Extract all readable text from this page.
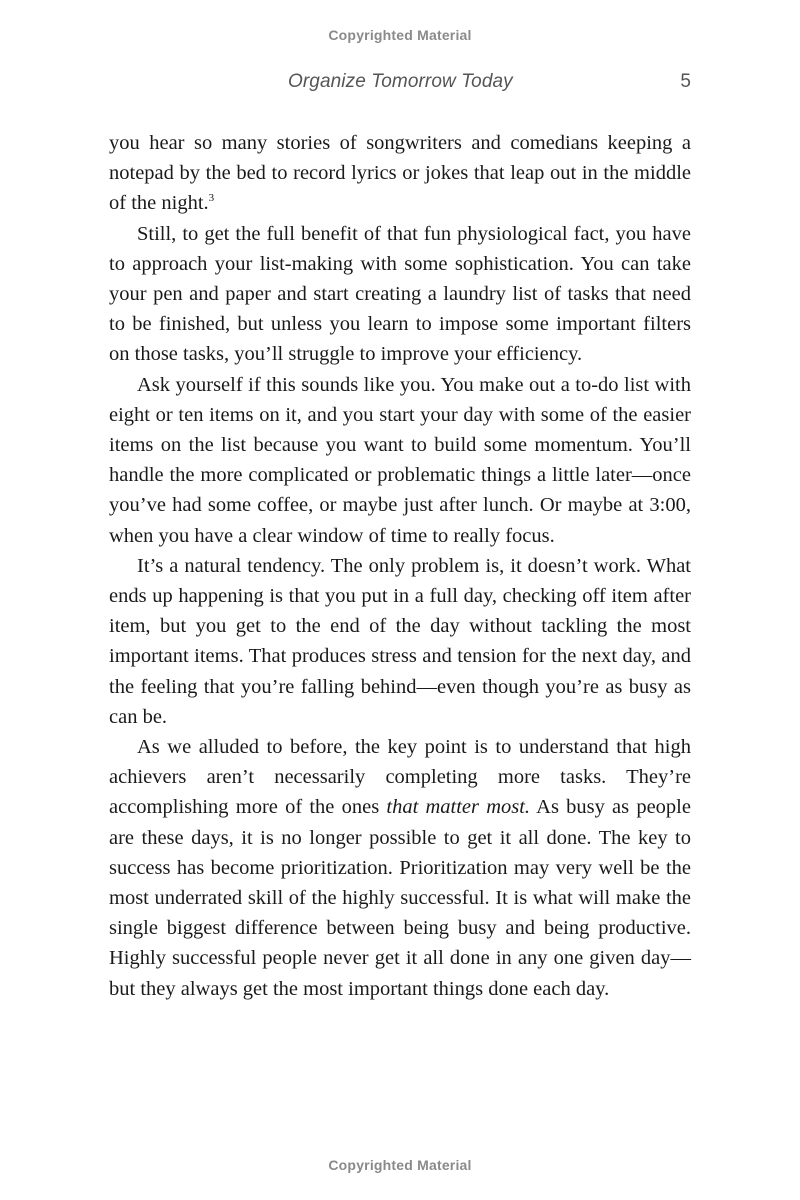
Copyrighted Material
Organize Tomorrow Today	5

you hear so many stories of songwriters and comedians keeping a notepad by the bed to record lyrics or jokes that leap out in the middle of the night.$^3$

Still, to get the full benefit of that fun physiological fact, you have to approach your list-making with some sophistication. You can take your pen and paper and start creating a laundry list of tasks that need to be finished, but unless you learn to impose some important filters on those tasks, you’ll struggle to improve your efficiency.

Ask yourself if this sounds like you. You make out a to-do list with eight or ten items on it, and you start your day with some of the easier items on the list because you want to build some momentum. You’ll handle the more complicated or problematic things a little later—once you’ve had some coffee, or maybe just after lunch. Or maybe at 3:00, when you have a clear window of time to really focus.

It’s a natural tendency. The only problem is, it doesn’t work. What ends up happening is that you put in a full day, checking off item after item, but you get to the end of the day without tackling the most important items. That produces stress and tension for the next day, and the feeling that you’re falling behind—even though you’re as busy as can be.

As we alluded to before, the key point is to understand that high achievers aren’t necessarily completing more tasks. They’re accomplishing more of the ones that matter most. As busy as people are these days, it is no longer possible to get it all done. The key to success has become prioritization. Prioritization may very well be the most underrated skill of the highly successful. It is what will make the single biggest difference between being busy and being productive. Highly successful people never get it all done in any one given day—but they always get the most important things done each day.

Copyrighted Material
